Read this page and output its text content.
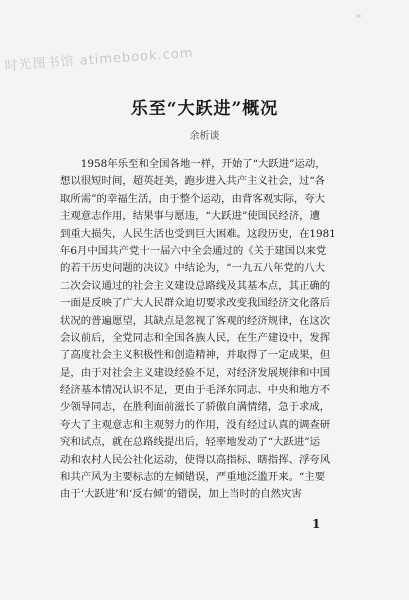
时光图书馆 atimebook.com
乐至“大跃进”概况
余析谈
　　1958年乐至和全国各地一样，开始了“大跃进”运动，
想以很短时间，超英赶美，跑步进入共产主义社会，过“各
取所需”的幸福生活，由于整个运动，由背客观实际，夸大
主观意志作用，结果事与愿违，“大跃进”使国民经济，遭
到重大损失，人民生活也受到巨大困难。这段历史，在1981
年6月中国共产党十一届六中全会通过的《关于建国以来党
的若干历史问题的决议》中结论为，“一九五八年党的八大
二次会议通过的社会主义建设总路线及其基本点，其正确的
一面是反映了广大人民群众迫切要求改变我国经济文化落后
状况的普遍愿望，其缺点是忽视了客观的经济规律，在这次
会议前后，全党同志和全国各族人民，在生产建设中，发挥
了高度社会主义积极性和创造精神，并取得了一定成果，但
是，由于对社会主义建设经验不足，对经济发展规律和中国
经济基本情况认识不足，更由于毛泽东同志、中央和地方不
少领导同志，在胜利面前滋长了骄傲自满情绪，急于求成，
夸大了主观意志和主观努力的作用，没有经过认真的调查研
究和试点，就在总路线提出后，轻率地发动了“大跃进”运
动和农村人民公社化运动，使得以高指标、瞎指挥、浮夸风
和共产风为主要标志的左倾错误，严重地泛滥开来。“主要
由于‘大跃进’和‘反右倾’的错误，加上当时的自然灾害
1
